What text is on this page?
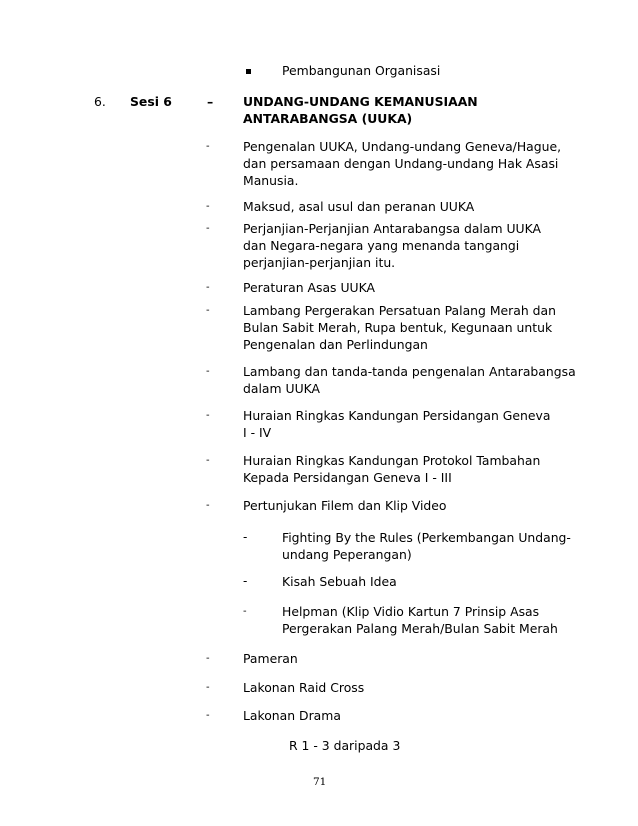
Pembangunan Organisasi
6. Sesi 6	– UNDANG-UNDANG KEMANUSIAAN
ANTARABANGSA (UUKA)
-	Pengenalan UUKA, Undang-undang Geneva/Hague,
dan persamaan dengan Undang-undang Hak Asasi
Manusia.
-	Maksud, asal usul dan peranan UUKA
-	Perjanjian-Perjanjian Antarabangsa dalam UUKA
dan Negara-negara yang menanda tangangi
perjanjian-perjanjian itu.
-	Peraturan Asas UUKA
-	Lambang Pergerakan Persatuan Palang Merah dan
Bulan Sabit Merah, Rupa bentuk, Kegunaan untuk
Pengenalan dan Perlindungan
-	Lambang dan tanda-tanda pengenalan Antarabangsa
dalam UUKA
-	Huraian Ringkas Kandungan Persidangan Geneva
I - IV
-	Huraian Ringkas Kandungan Protokol Tambahan
Kepada Persidangan Geneva I - III
-	Pertunjukan Filem dan Klip Video
-	Fighting By the Rules (Perkembangan Undang-
undang Peperangan)
-	Kisah Sebuah Idea
-	Helpman (Klip Vidio Kartun 7 Prinsip Asas
Pergerakan Palang Merah/Bulan Sabit Merah
-	Pameran
-	Lakonan Raid Cross
-	Lakonan Drama
R 1 - 3 daripada 3
71
